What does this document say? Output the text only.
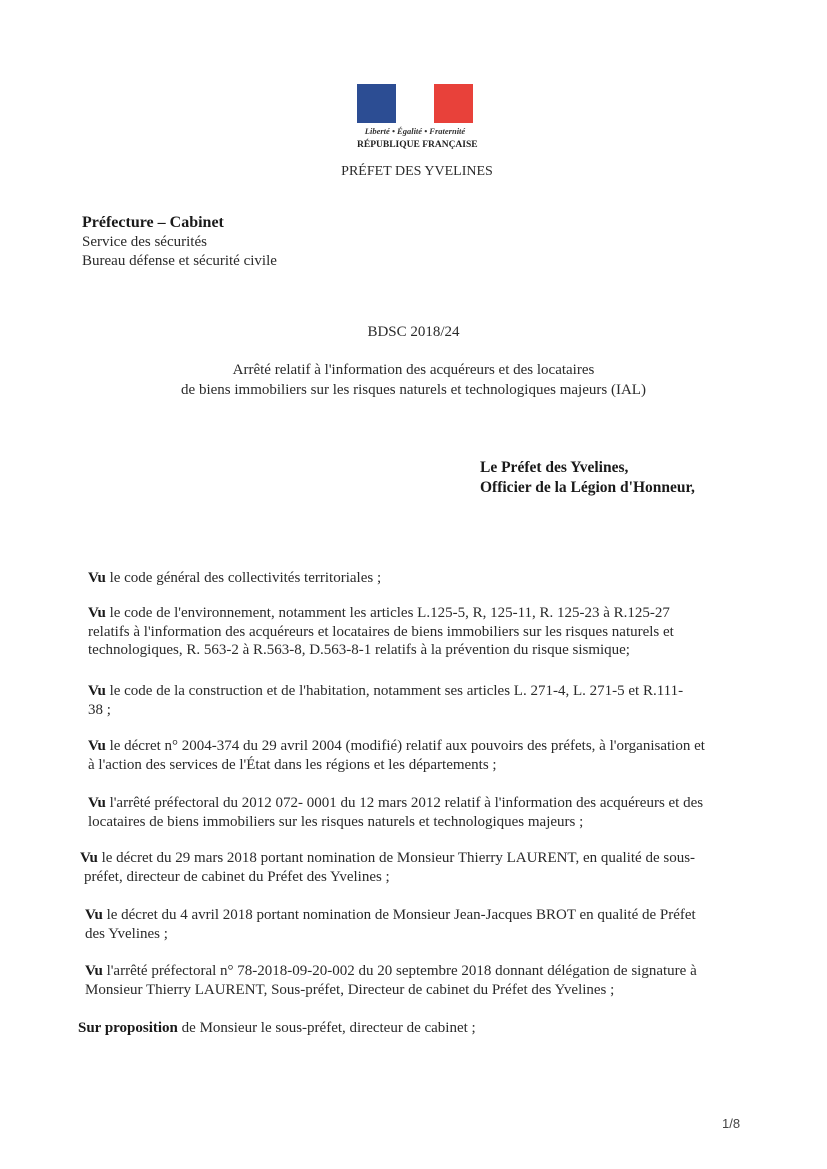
Liberté • Égalité • Fraternité
RÉPUBLIQUE FRANÇAISE
PRÉFET DES YVELINES
Préfecture – Cabinet
Service des sécurités
Bureau défense et sécurité civile
BDSC 2018/24
Arrêté relatif à l'information des acquéreurs et des locataires
de biens immobiliers sur les risques naturels et technologiques majeurs (IAL)
Le Préfet des Yvelines,
Officier de la Légion d'Honneur,
Vu le code général des collectivités territoriales ;
Vu le code de l'environnement, notamment les articles L.125-5, R, 125-11, R. 125-23 à R.125-27
relatifs à l'information des acquéreurs et locataires de biens immobiliers sur les risques naturels et
technologiques, R. 563-2 à R.563-8, D.563-8-1 relatifs à la prévention du risque sismique;
Vu le code de la construction et de l'habitation, notamment ses articles L. 271-4, L. 271-5 et R.111-
38 ;
Vu le décret n° 2004-374 du 29 avril 2004 (modifié) relatif aux pouvoirs des préfets, à l'organisation et
à l'action des services de l'État dans les régions et les départements ;
Vu l'arrêté préfectoral du 2012 072- 0001 du 12 mars 2012 relatif à l'information des acquéreurs et des
locataires de biens immobiliers sur les risques naturels et technologiques majeurs ;
Vu le décret du 29 mars 2018 portant nomination de Monsieur Thierry LAURENT, en qualité de sous-
préfet, directeur de cabinet du Préfet des Yvelines ;
Vu le décret du 4 avril 2018 portant nomination de Monsieur Jean-Jacques BROT en qualité de Préfet
des Yvelines ;
Vu l'arrêté préfectoral n° 78-2018-09-20-002 du 20 septembre 2018 donnant délégation de signature à
Monsieur Thierry LAURENT, Sous-préfet, Directeur de cabinet du Préfet des Yvelines ;
Sur proposition de Monsieur le sous-préfet, directeur de cabinet ;
1/8
